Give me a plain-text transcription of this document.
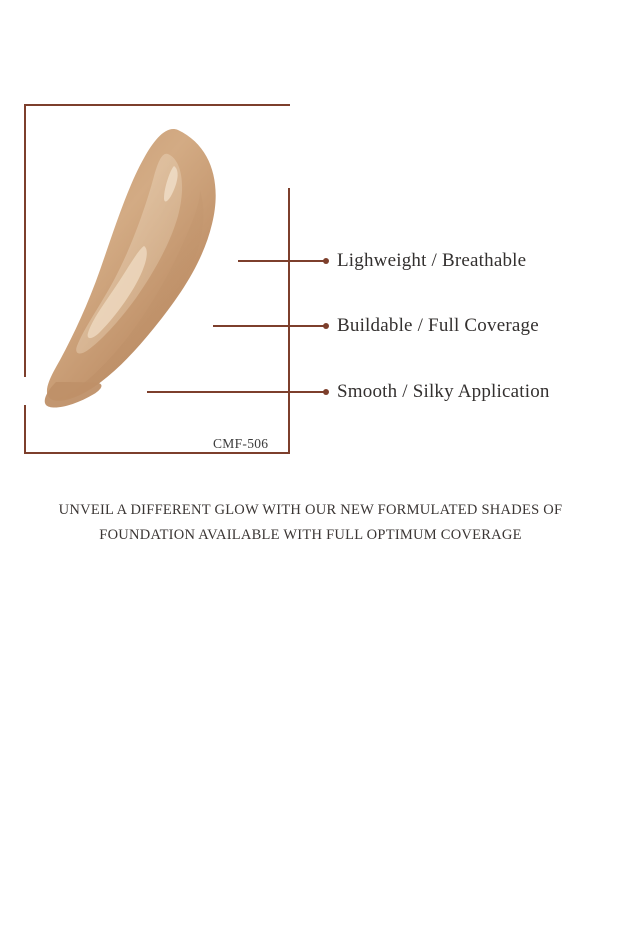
Lighweight / Breathable
Buildable / Full Coverage
Smooth / Silky Application
CMF-506
UNVEIL A DIFFERENT GLOW WITH OUR NEW FORMULATED SHADES OF
FOUNDATION AVAILABLE WITH FULL OPTIMUM COVERAGE
